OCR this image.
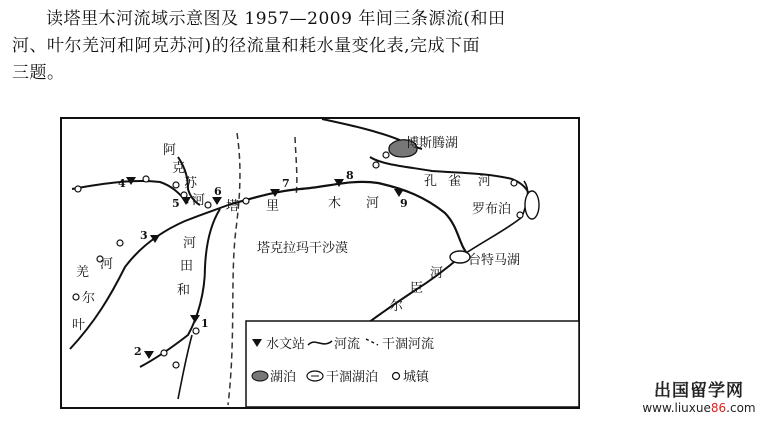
读塔里木河流域示意图及 1957—2009 年间三条源流(和田
河、叶尔羌河和阿克苏河)的径流量和耗水量变化表,完成下面
三题。
1
2
3
4
5
6
7
8
9
塔克拉玛干沙漠
博斯腾湖
罗布泊
台特马湖
塔 里	木 河
阿
克
苏
河
河
田
和
叶
尔
羌
河
孔 雀 河
尔
臣
河
水文站 河流 干涸河流
湖泊 干涸湖泊 城镇
出国留学网
www.liuxue86.com
